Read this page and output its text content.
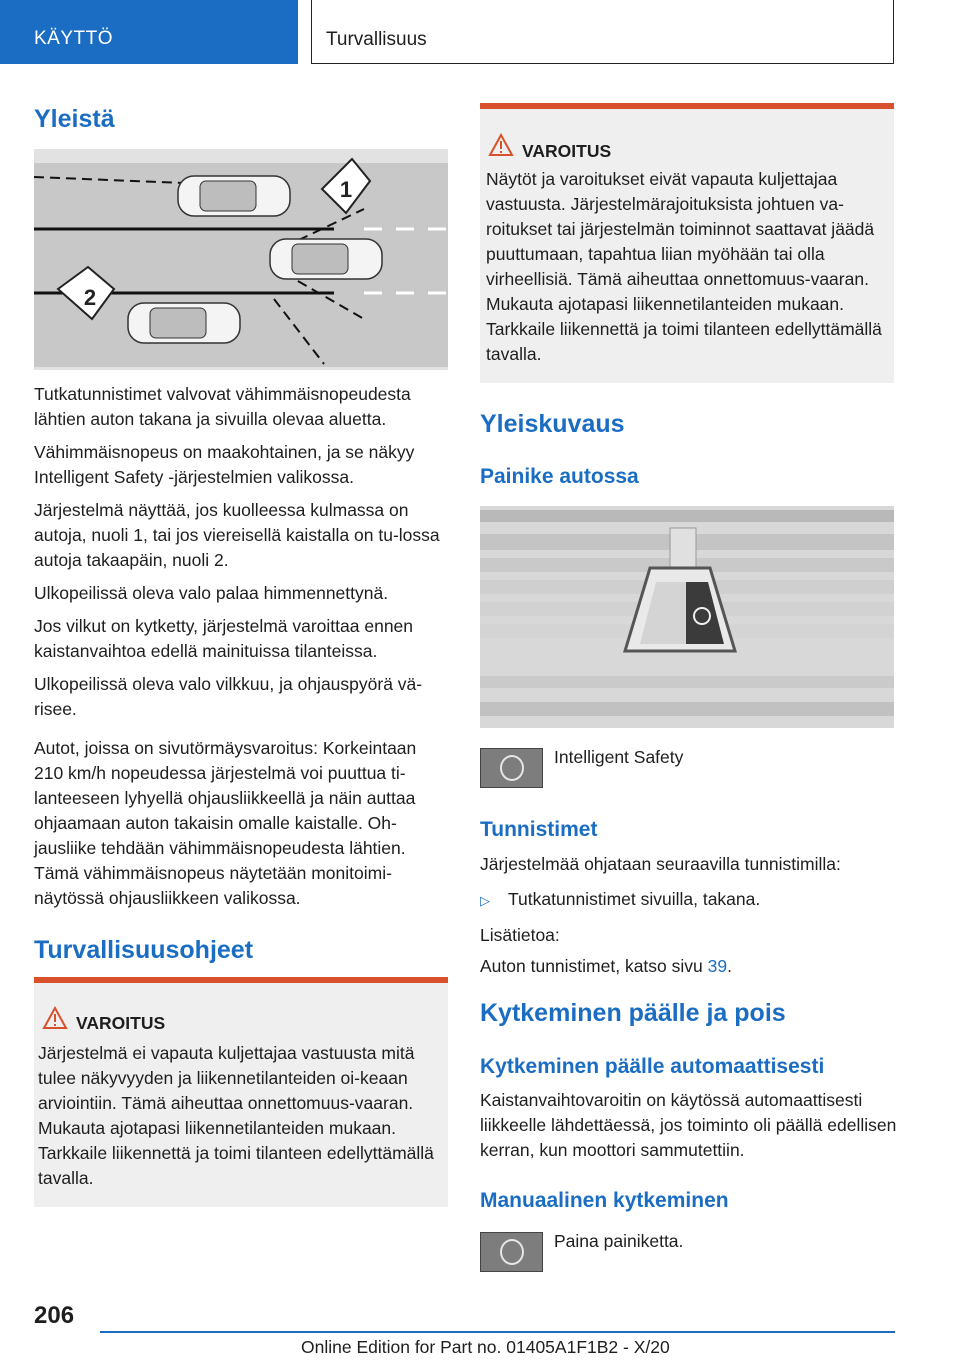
KÄYTTÖ	Turvallisuus
Yleistä
1
2

Tutkatunnistimet valvovat vähimmäisnopeudesta lähtien auton takana ja sivuilla olevaa aluetta.

Vähimmäisnopeus on maakohtainen, ja se näkyy Intelligent Safety -järjestelmien valikossa.

Järjestelmä näyttää, jos kuolleessa kulmassa on autoja, nuoli 1, tai jos viereisellä kaistalla on tu-lossa autoja takaapäin, nuoli 2.

Ulkopeilissä oleva valo palaa himmennettynä.

Jos vilkut on kytketty, järjestelmä varoittaa ennen kaistanvaihtoa edellä mainituissa tilanteissa.

Ulkopeilissä oleva valo vilkkuu, ja ohjauspyörä vä-risee.

Autot, joissa on sivutörmäysvaroitus: Korkeintaan 210 km/h nopeudessa järjestelmä voi puuttua ti-lanteeseen lyhyellä ohjausliikkeellä ja näin auttaa ohjaamaan auton takaisin omalle kaistalle. Oh-jausliike tehdään vähimmäisnopeudesta lähtien. Tämä vähimmäisnopeus näytetään monitoimi-näytössä ohjausliikkeen valikossa.

Turvallisuusohjeet
VAROITUS
Järjestelmä ei vapauta kuljettajaa vastuusta mitä tulee näkyvyyden ja liikennetilanteiden oi-keaan arviointiin. Tämä aiheuttaa onnettomuus-vaaran. Mukauta ajotapasi liikennetilanteiden mukaan. Tarkkaile liikennettä ja toimi tilanteen edellyttämällä tavalla.
VAROITUS
Näytöt ja varoitukset eivät vapauta kuljettajaa vastuusta. Järjestelmärajoituksista johtuen va-roitukset tai järjestelmän toiminnot saattavat jäädä puuttumaan, tapahtua liian myöhään tai olla virheellisiä. Tämä aiheuttaa onnettomuus-vaaran. Mukauta ajotapasi liikennetilanteiden mukaan. Tarkkaile liikennettä ja toimi tilanteen edellyttämällä tavalla.
Yleiskuvaus
Painike autossa
Intelligent Safety
Tunnistimet

Järjestelmää ohjataan seuraavilla tunnistimilla:

▷ Tutkatunnistimet sivuilla, takana.

Lisätietoa:

Auton tunnistimet, katso sivu 39.

Kytkeminen päälle ja pois
Kytkeminen päälle automaattisesti
Kaistanvaihtovaroitin on käytössä automaattisesti liikkeelle lähdettäessä, jos toiminto oli päällä edellisen kerran, kun moottori sammutettiin.
Manuaalinen kytkeminen
Paina painiketta.
206
Online Edition for Part no. 01405A1F1B2 - X/20
